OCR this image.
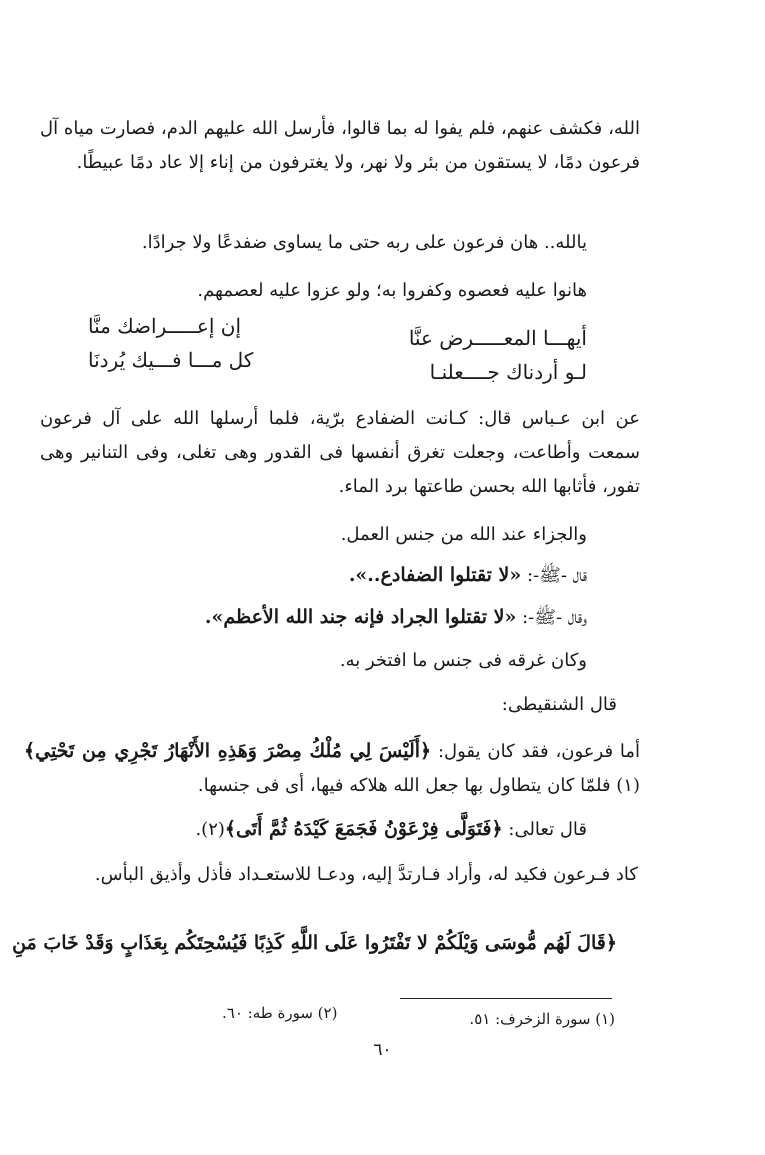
الله، فكشف عنهم، فلم يفوا له بما قالوا، فأرسل الله عليهم الدم، فصارت مياه آل فرعون دمًا، لا يستقون من بئر ولا نهر، ولا يغترفون من إناء إلا عاد دمًا عبيطًا.
يالله.. هان فرعون على ربه حتى ما يساوى ضفدعًا ولا جرادًا.
هانوا عليه فعصوه وكفروا به؛ ولو عزوا عليه لعصمهم.
أيهـــا المعـــــرض عنَّا
إن إعـــــراضك منَّا
لـو أردناك جــــعلنـا
كل مـــا فـــيك يُردنَا
عن ابن عـباس قال: كـانت الضفادع برّية، فلما أرسلها الله على آل فرعون سمعت وأطاعت، وجعلت تغرق أنفسها فى القدور وهى تغلى، وفى التنانير وهى تفور، فأثابها الله بحسن طاعتها برد الماء.
والجزاء عند الله من جنس العمل.
قال -ﷺ-: «لا تقتلوا الضفادع..».
وقال -ﷺ-: «لا تقتلوا الجراد فإنه جند الله الأعظم».
وكان غرقه فى جنس ما افتخر به.
قال الشنقيطى:
أما فرعون، فقد كان يقول: ﴿أَلَيْسَ لِي مُلْكُ مِصْرَ وَهَذِهِ الأَنْهَارُ تَجْرِي مِن تَحْتِي﴾(١) فلمّا كان يتطاول بها جعل الله هلاكه فيها، أى فى جنسها.
قال تعالى: ﴿فَتَوَلَّى فِرْعَوْنُ فَجَمَعَ كَيْدَهُ ثُمَّ أَتَى﴾(٢).
كاد فـرعون فكيد له، وأراد فـارتدَّ إليه، ودعـا للاستعـداد فأذل وأذيق البأس.
﴿قَالَ لَهُم مُّوسَى وَيْلَكُمْ لا تَفْتَرُوا عَلَى اللَّهِ كَذِبًا فَيُسْحِتَكُم بِعَذَابٍ وَقَدْ خَابَ مَنِ
(١) سورة الزخرف: ٥١.
(٢) سورة طه: ٦٠.
٦٠
